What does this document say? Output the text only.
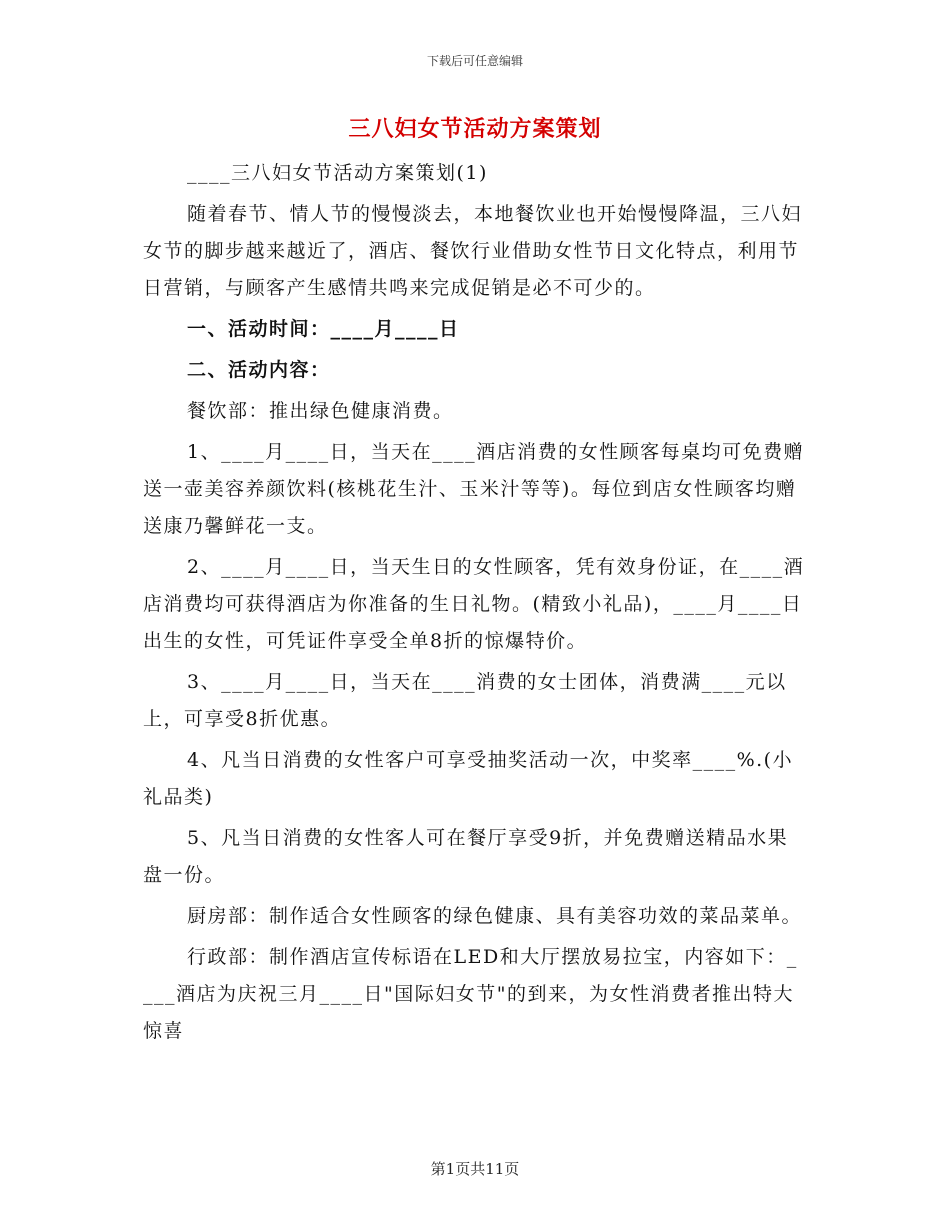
下载后可任意编辑
三八妇女节活动方案策划

____三八妇女节活动方案策划(1)

随着春节、情人节的慢慢淡去，本地餐饮业也开始慢慢降温，三八妇女节的脚步越来越近了，酒店、餐饮行业借助女性节日文化特点，利用节日营销，与顾客产生感情共鸣来完成促销是必不可少的。

一、活动时间：____月____日

二、活动内容：

餐饮部：推出绿色健康消费。

1、____月____日，当天在____酒店消费的女性顾客每桌均可免费赠送一壶美容养颜饮料(核桃花生汁、玉米汁等等)。每位到店女性顾客均赠送康乃馨鲜花一支。

2、____月____日，当天生日的女性顾客，凭有效身份证，在____酒店消费均可获得酒店为你准备的生日礼物。(精致小礼品)，____月____日出生的女性，可凭证件享受全单8折的惊爆特价。

3、____月____日，当天在____消费的女士团体，消费满____元以上，可享受8折优惠。

4、凡当日消费的女性客户可享受抽奖活动一次，中奖率____%.(小礼品类)

5、凡当日消费的女性客人可在餐厅享受9折，并免费赠送精品水果盘一份。

厨房部：制作适合女性顾客的绿色健康、具有美容功效的菜品菜单。

行政部：制作酒店宣传标语在LED和大厅摆放易拉宝，内容如下：____酒店为庆祝三月____日"国际妇女节"的到来，为女性消费者推出特大惊喜

第1页共11页
